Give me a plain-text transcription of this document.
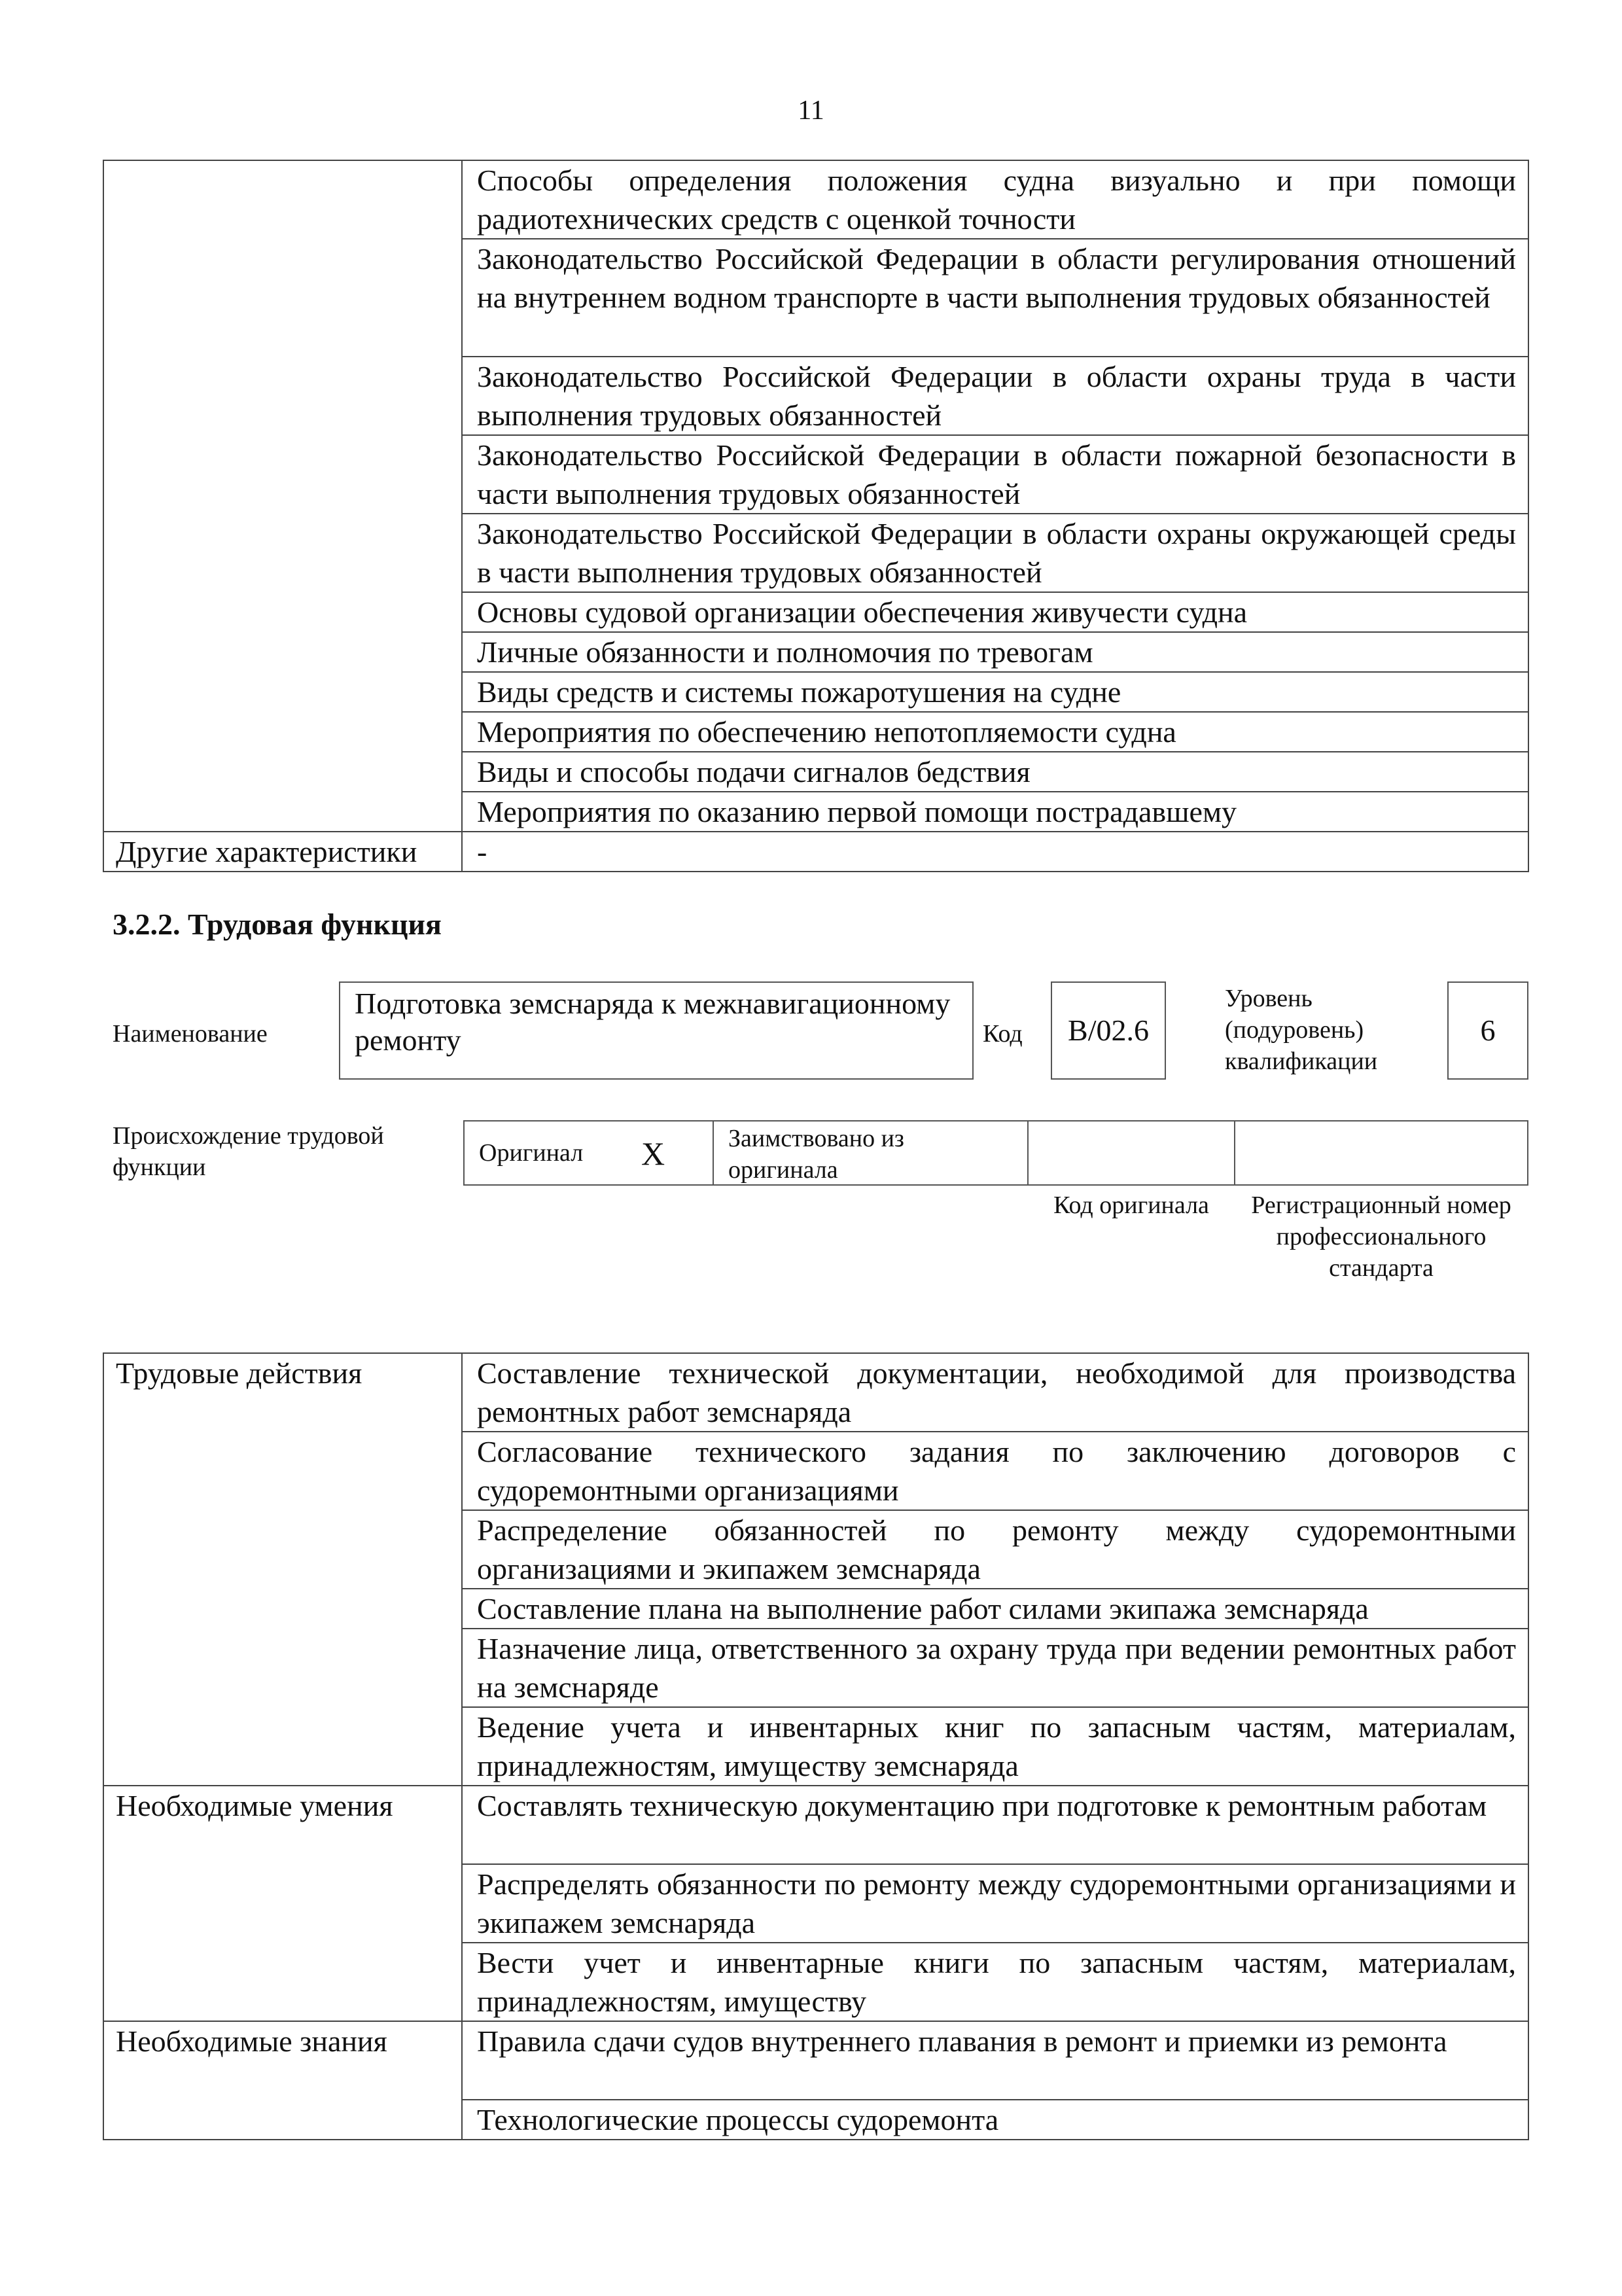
11
	Способы определения положения судна визуально и при помощи радиотехнических средств с оценкой точности
	Законодательство Российской Федерации в области регулирования отношений на внутреннем водном транспорте в части выполнения трудовых обязанностей
	Законодательство Российской Федерации в области охраны труда в части выполнения трудовых обязанностей
	Законодательство Российской Федерации в области пожарной безопасности в части выполнения трудовых обязанностей
	Законодательство Российской Федерации в области охраны окружающей среды в части выполнения трудовых обязанностей
	Основы судовой организации обеспечения живучести судна
	Личные обязанности и полномочия по тревогам
	Виды средств и системы пожаротушения на судне
	Мероприятия по обеспечению непотопляемости судна
	Виды и способы подачи сигналов бедствия
	Мероприятия по оказанию первой помощи пострадавшему
Другие характеристики	-
3.2.2. Трудовая функция
Наименование
Подготовка земснаряда к межнавигационному ремонту	Код	B/02.6
Уровень (подуровень) квалификации
6
Происхождение трудовой функции
Оригинал X	Заимствовано из оригинала
Код оригинала	Регистрационный номер профессионального стандарта
Трудовые действия	Составление технической документации, необходимой для производства ремонтных работ земснаряда
	Согласование технического задания по заключению договоров с судоремонтными организациями
	Распределение обязанностей по ремонту между судоремонтными организациями и экипажем земснаряда
	Составление плана на выполнение работ силами экипажа земснаряда
	Назначение лица, ответственного за охрану труда при ведении ремонтных работ на земснаряде
	Ведение учета и инвентарных книг по запасным частям, материалам, принадлежностям, имуществу земснаряда
Необходимые умения	Составлять техническую документацию при подготовке к ремонтным работам
	Распределять обязанности по ремонту между судоремонтными организациями и экипажем земснаряда
	Вести учет и инвентарные книги по запасным частям, материалам, принадлежностям, имуществу
Необходимые знания	Правила сдачи судов внутреннего плавания в ремонт и приемки из ремонта
	Технологические процессы судоремонта
